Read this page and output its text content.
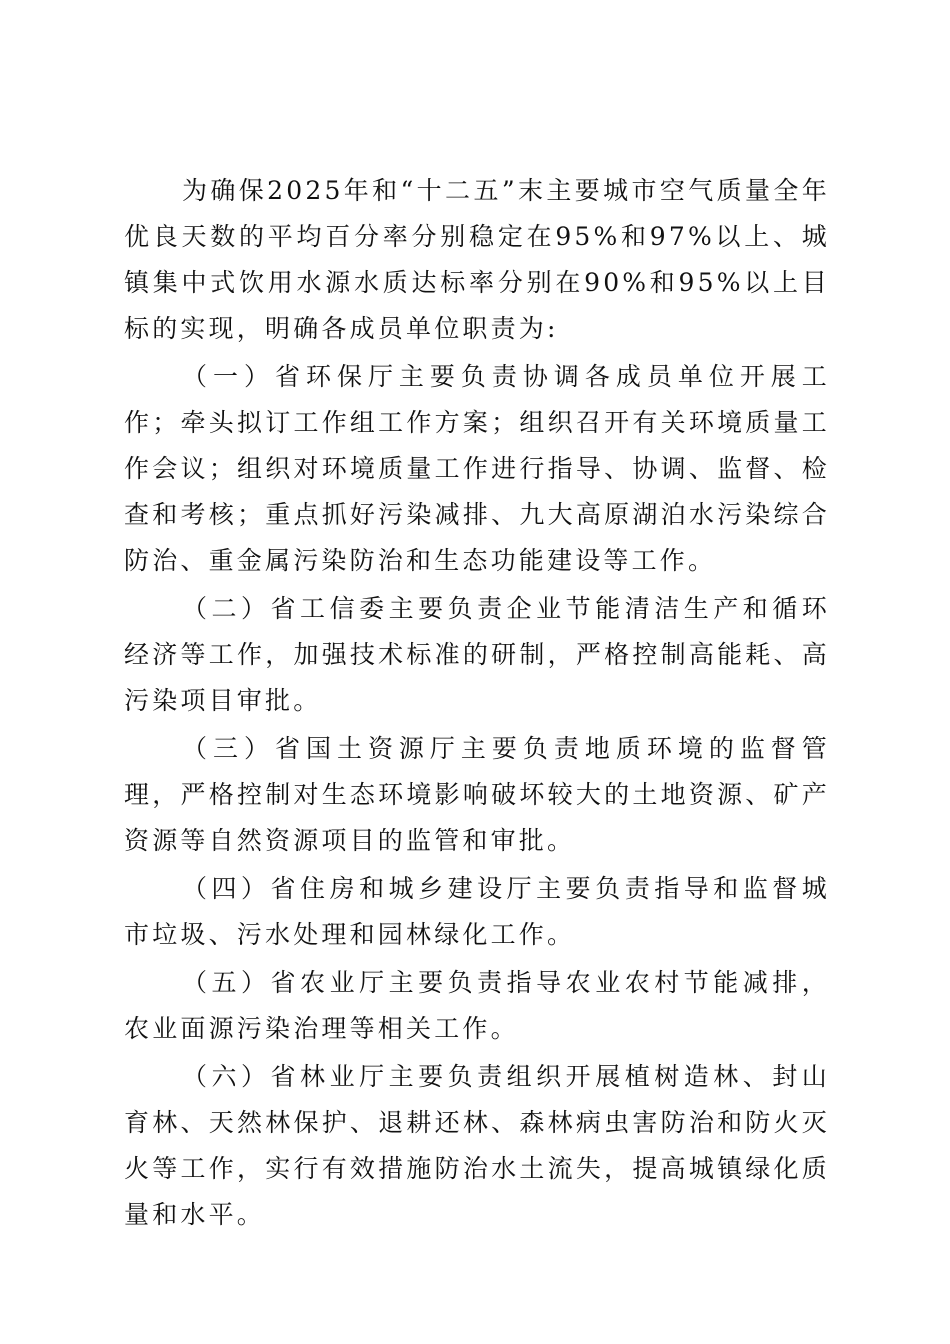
为确保2025年和“十二五”末主要城市空气质量全年优良天数的平均百分率分别稳定在95%和97%以上、城镇集中式饮用水源水质达标率分别在90%和95%以上目标的实现，明确各成员单位职责为:

（一）省环保厅主要负责协调各成员单位开展工作；牵头拟订工作组工作方案；组织召开有关环境质量工作会议；组织对环境质量工作进行指导、协调、监督、检查和考核；重点抓好污染减排、九大高原湖泊水污染综合防治、重金属污染防治和生态功能建设等工作。

（二）省工信委主要负责企业节能清洁生产和循环经济等工作，加强技术标准的研制，严格控制高能耗、高污染项目审批。

（三）省国土资源厅主要负责地质环境的监督管理，严格控制对生态环境影响破坏较大的土地资源、矿产资源等自然资源项目的监管和审批。

（四）省住房和城乡建设厅主要负责指导和监督城市垃圾、污水处理和园林绿化工作。

（五）省农业厅主要负责指导农业农村节能减排，农业面源污染治理等相关工作。

（六）省林业厅主要负责组织开展植树造林、封山育林、天然林保护、退耕还林、森林病虫害防治和防火灭火等工作，实行有效措施防治水土流失，提高城镇绿化质量和水平。
